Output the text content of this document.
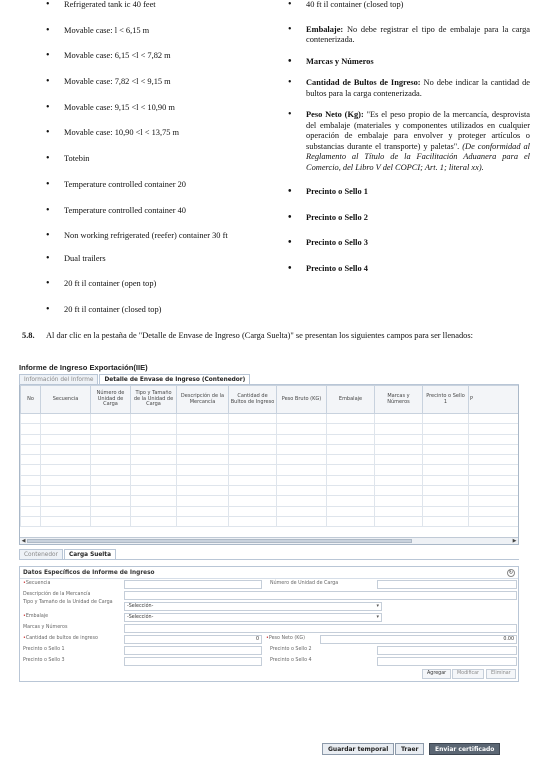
• Refrigerated tank ic 40 feet
• Movable case: l < 6,15 m
• Movable case: 6,15 <l < 7,82 m
• Movable case: 7,82 <l < 9,15 m
• Movable case: 9,15 <l < 10,90 m
• Movable case: 10,90 <l < 13,75 m
• Totebin
• Temperature controlled container 20
• Temperature controlled container 40
• Non working refrigerated (reefer) container 30 ft
• Dual trailers
• 20 ft il container (open top)
• 20 ft il container (closed top)
• 40 ft il container (closed top)
• Embalaje: No debe registrar el tipo de embalaje para la carga contenerizada.
• Marcas y Números
• Cantidad de Bultos de Ingreso: No debe indicar la cantidad de bultos para la carga contenerizada.
• Peso Neto (Kg): "Es el peso propio de la mercancía, desprovista del embalaje (materiales y componentes utilizados en cualquier operación de embalaje para envolver y proteger artículos o substancias durante el transporte) y paletas". (De conformidad al Reglamento al Título de la Facilitación Aduanera para el Comercio, del Libro V del COPCI; Art. 1; literal xx).
• Precinto o Sello 1
• Precinto o Sello 2
• Precinto o Sello 3
• Precinto o Sello 4
5.8. Al dar clic en la pestaña de "Detalle de Envase de Ingreso (Carga Suelta)" se presentan los siguientes campos para ser llenados:
Informe de Ingreso Exportación(IIE)
Información del Informe	Detalle de Envase de Ingreso (Contenedor)
No	Secuencia	Número de Unidad de Carga	Tipo y Tamaño de la Unidad de Carga	Descripción de la Mercancía	Cantidad de Bultos de Ingreso	Peso Bruto (KG)	Embalaje	Marcas y Números	Precinto o Sello 1	P

◀	▶
Contenedor	Carga Suelta
Datos Específicos de Informe de Ingreso	↻
•Secuencia	Número de Unidad de Carga
Descripción de la Mercancía
Tipo y Tamaño de la Unidad de Carga
-Selección- ▾
•Embalaje	-Selección- ▾
Marcas y Números
•Cantidad de bultos de ingreso	0	•Peso Neto (KG)	0.00
Precinto o Sello 1	Precinto o Sello 2
Precinto o Sello 3	Precinto o Sello 4
Agregar	Modificar	Eliminar
Guardar temporal	Traer	Enviar certificado
